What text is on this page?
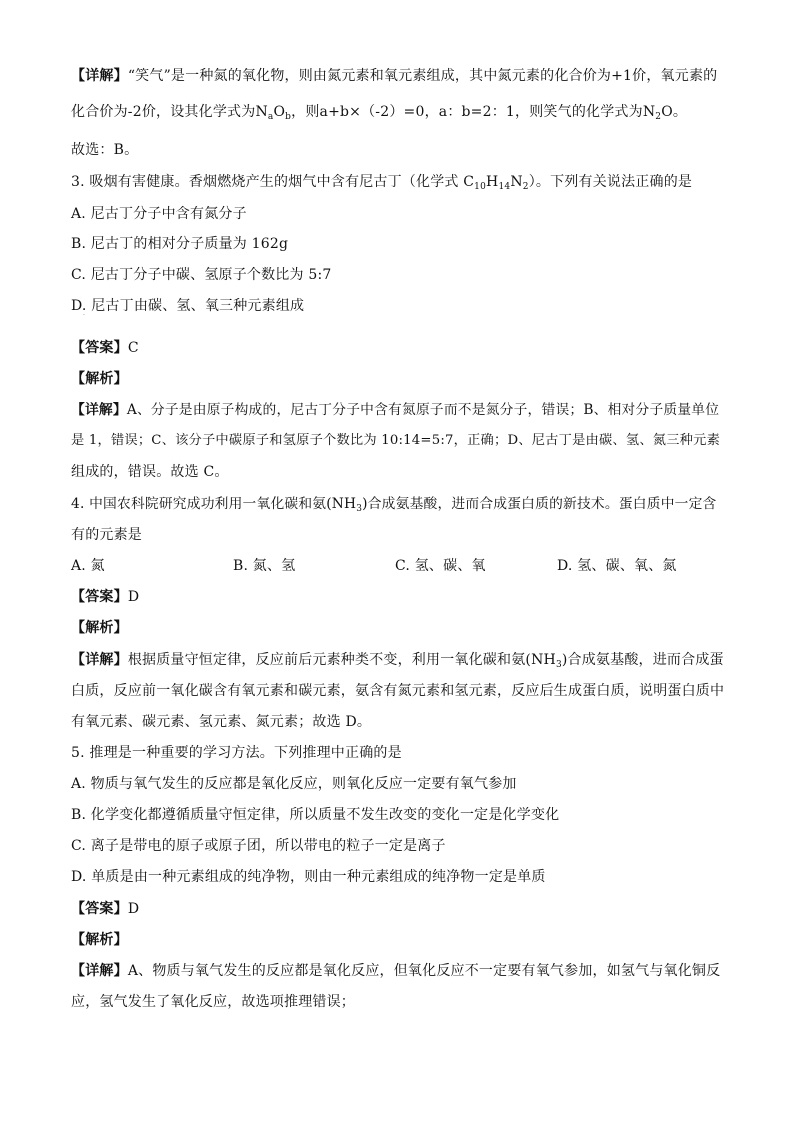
【详解】“笑气”是一种氮的氧化物，则由氮元素和氧元素组成，其中氮元素的化合价为+1价，氧元素的
化合价为-2价，设其化学式为$N_aO_b$，则a+b×（-2）=0，a：b=2：1，则笑气的化学式为$N_2O$。
故选：B。
3. 吸烟有害健康。香烟燃烧产生的烟气中含有尼古丁（化学式 $C_{10}H_{14}N_2$）。下列有关说法正确的是
A. 尼古丁分子中含有氮分子
B. 尼古丁的相对分子质量为 162g
C. 尼古丁分子中碳、氢原子个数比为 5:7
D. 尼古丁由碳、氢、氧三种元素组成
·
【答案】C
【解析】
【详解】A、分子是由原子构成的，尼古丁分子中含有氮原子而不是氮分子，错误；B、相对分子质量单位
是 1，错误；C、该分子中碳原子和氢原子个数比为 10:14=5:7，正确；D、尼古丁是由碳、氢、氮三种元素
组成的，错误。故选 C。
4. 中国农科院研究成功利用一氧化碳和氨$(NH_3)$合成氨基酸，进而合成蛋白质的新技术。蛋白质中一定含
有的元素是
A. 氮	B. 氮、氢	C. 氢、碳、氧	D. 氢、碳、氧、氮
【答案】D
【解析】
【详解】根据质量守恒定律，反应前后元素种类不变，利用一氧化碳和氨$(NH_3)$合成氨基酸，进而合成蛋
白质，反应前一氧化碳含有氧元素和碳元素，氨含有氮元素和氢元素，反应后生成蛋白质，说明蛋白质中
有氧元素、碳元素、氢元素、氮元素；故选 D。
5. 推理是一种重要的学习方法。下列推理中正确的是
A. 物质与氧气发生的反应都是氧化反应，则氧化反应一定要有氧气参加
B. 化学变化都遵循质量守恒定律，所以质量不发生改变的变化一定是化学变化
C. 离子是带电的原子或原子团，所以带电的粒子一定是离子
D. 单质是由一种元素组成的纯净物，则由一种元素组成的纯净物一定是单质
【答案】D
【解析】
【详解】A、物质与氧气发生的反应都是氧化反应，但氧化反应不一定要有氧气参加，如氢气与氧化铜反
应，氢气发生了氧化反应，故选项推理错误；
